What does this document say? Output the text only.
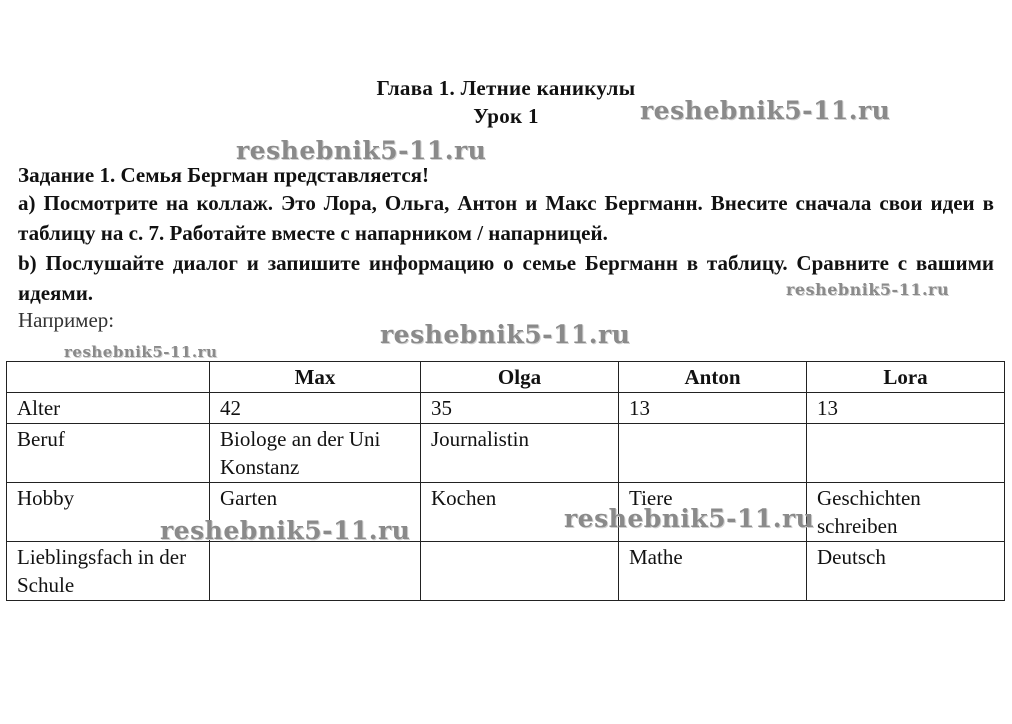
Глава 1. Летние каникулы
Урок 1
Задание 1. Семья Бергман представляется!
a) Посмотрите на коллаж. Это Лора, Ольга, Антон и Макс Бергманн. Внесите сначала свои идеи в таблицу на с. 7. Работайте вместе с напарником / напарницей.
b) Послушайте диалог и запишите информацию о семье Бергманн в таблицу. Сравните с вашими идеями.
Например:
	Max	Olga	Anton	Lora
Alter	42	35	13	13
Beruf	Biologe an der Uni Konstanz	Journalistin		
Hobby	Garten	Kochen	Tiere	Geschichten schreiben
Lieblingsfach in der Schule			Mathe	Deutsch
reshebnik5-11.ru
reshebnik5-11.ru
reshebnik5-11.ru
reshebnik5-11.ru
reshebnik5-11.ru
reshebnik5-11.ru	reshebnik5-11.ru
